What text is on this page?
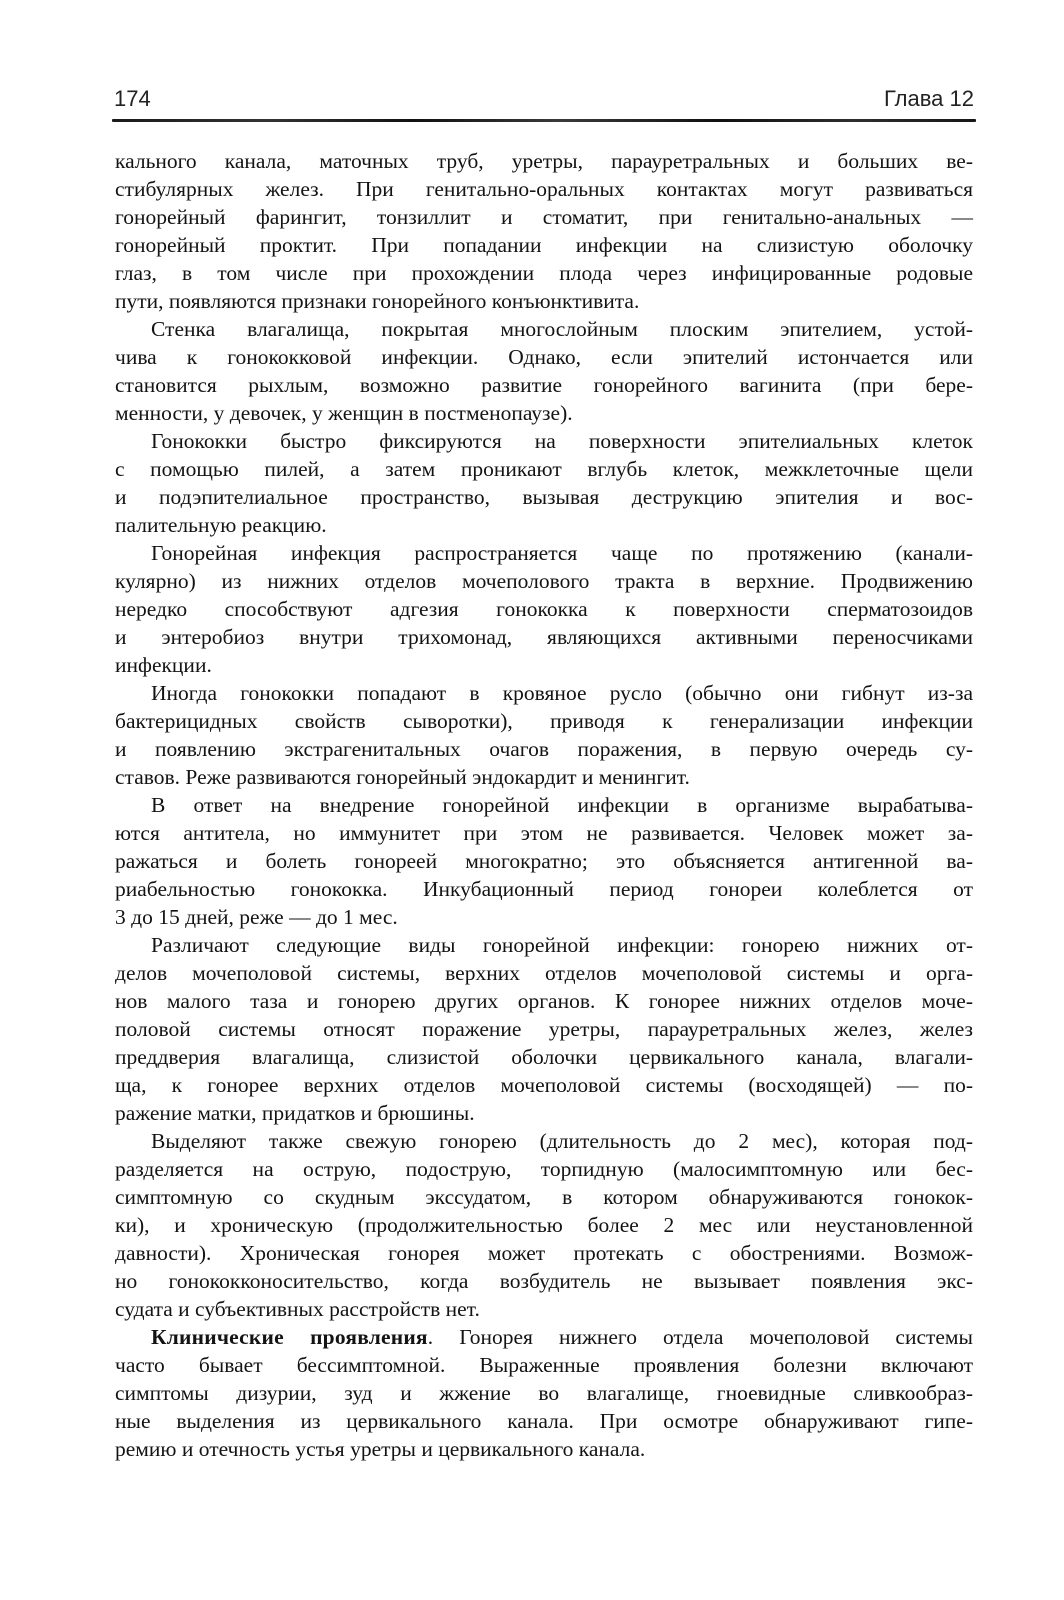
174	Глава 12
кального канала, маточных труб, уретры, парауретральных и больших ве-
стибулярных желез. При генитально-оральных контактах могут развиваться
гонорейный фарингит, тонзиллит и стоматит, при генитально-анальных —
гонорейный проктит. При попадании инфекции на слизистую оболочку
глаз, в том числе при прохождении плода через инфицированные родовые
пути, появляются признаки гонорейного конъюнктивита.
Стенка влагалища, покрытая многослойным плоским эпителием, устой-
чива к гонококковой инфекции. Однако, если эпителий истончается или
становится рыхлым, возможно развитие гонорейного вагинита (при бере-
менности, у девочек, у женщин в постменопаузе).
Гонококки быстро фиксируются на поверхности эпителиальных клеток
с помощью пилей, а затем проникают вглубь клеток, межклеточные щели
и подэпителиальное пространство, вызывая деструкцию эпителия и вос-
палительную реакцию.
Гонорейная инфекция распространяется чаще по протяжению (канали-
кулярно) из нижних отделов мочеполового тракта в верхние. Продвижению
нередко способствуют адгезия гонококка к поверхности сперматозоидов
и энтеробиоз внутри трихомонад, являющихся активными переносчиками
инфекции.
Иногда гонококки попадают в кровяное русло (обычно они гибнут из-за
бактерицидных свойств сыворотки), приводя к генерализации инфекции
и появлению экстрагенитальных очагов поражения, в первую очередь су-
ставов. Реже развиваются гонорейный эндокардит и менингит.
В ответ на внедрение гонорейной инфекции в организме вырабатыва-
ются антитела, но иммунитет при этом не развивается. Человек может за-
ражаться и болеть гонореей многократно; это объясняется антигенной ва-
риабельностью гонококка. Инкубационный период гонореи колеблется от
3 до 15 дней, реже — до 1 мес.
Различают следующие виды гонорейной инфекции: гонорею нижних от-
делов мочеполовой системы, верхних отделов мочеполовой системы и орга-
нов малого таза и гонорею других органов. К гонорее нижних отделов моче-
половой системы относят поражение уретры, парауретральных желез, желез
преддверия влагалища, слизистой оболочки цервикального канала, влагали-
ща, к гонорее верхних отделов мочеполовой системы (восходящей) — по-
ражение матки, придатков и брюшины.
Выделяют также свежую гонорею (длительность до 2 мес), которая под-
разделяется на острую, подострую, торпидную (малосимптомную или бес-
симптомную со скудным экссудатом, в котором обнаруживаются гонокок-
ки), и хроническую (продолжительностью более 2 мес или неустановленной
давности). Хроническая гонорея может протекать с обострениями. Возмож-
но гонококконосительство, когда возбудитель не вызывает появления экс-
судата и субъективных расстройств нет.
Клинические проявления. Гонорея нижнего отдела мочеполовой системы
часто бывает бессимптомной. Выраженные проявления болезни включают
симптомы дизурии, зуд и жжение во влагалище, гноевидные сливкообраз-
ные выделения из цервикального канала. При осмотре обнаруживают гипе-
ремию и отечность устья уретры и цервикального канала.
